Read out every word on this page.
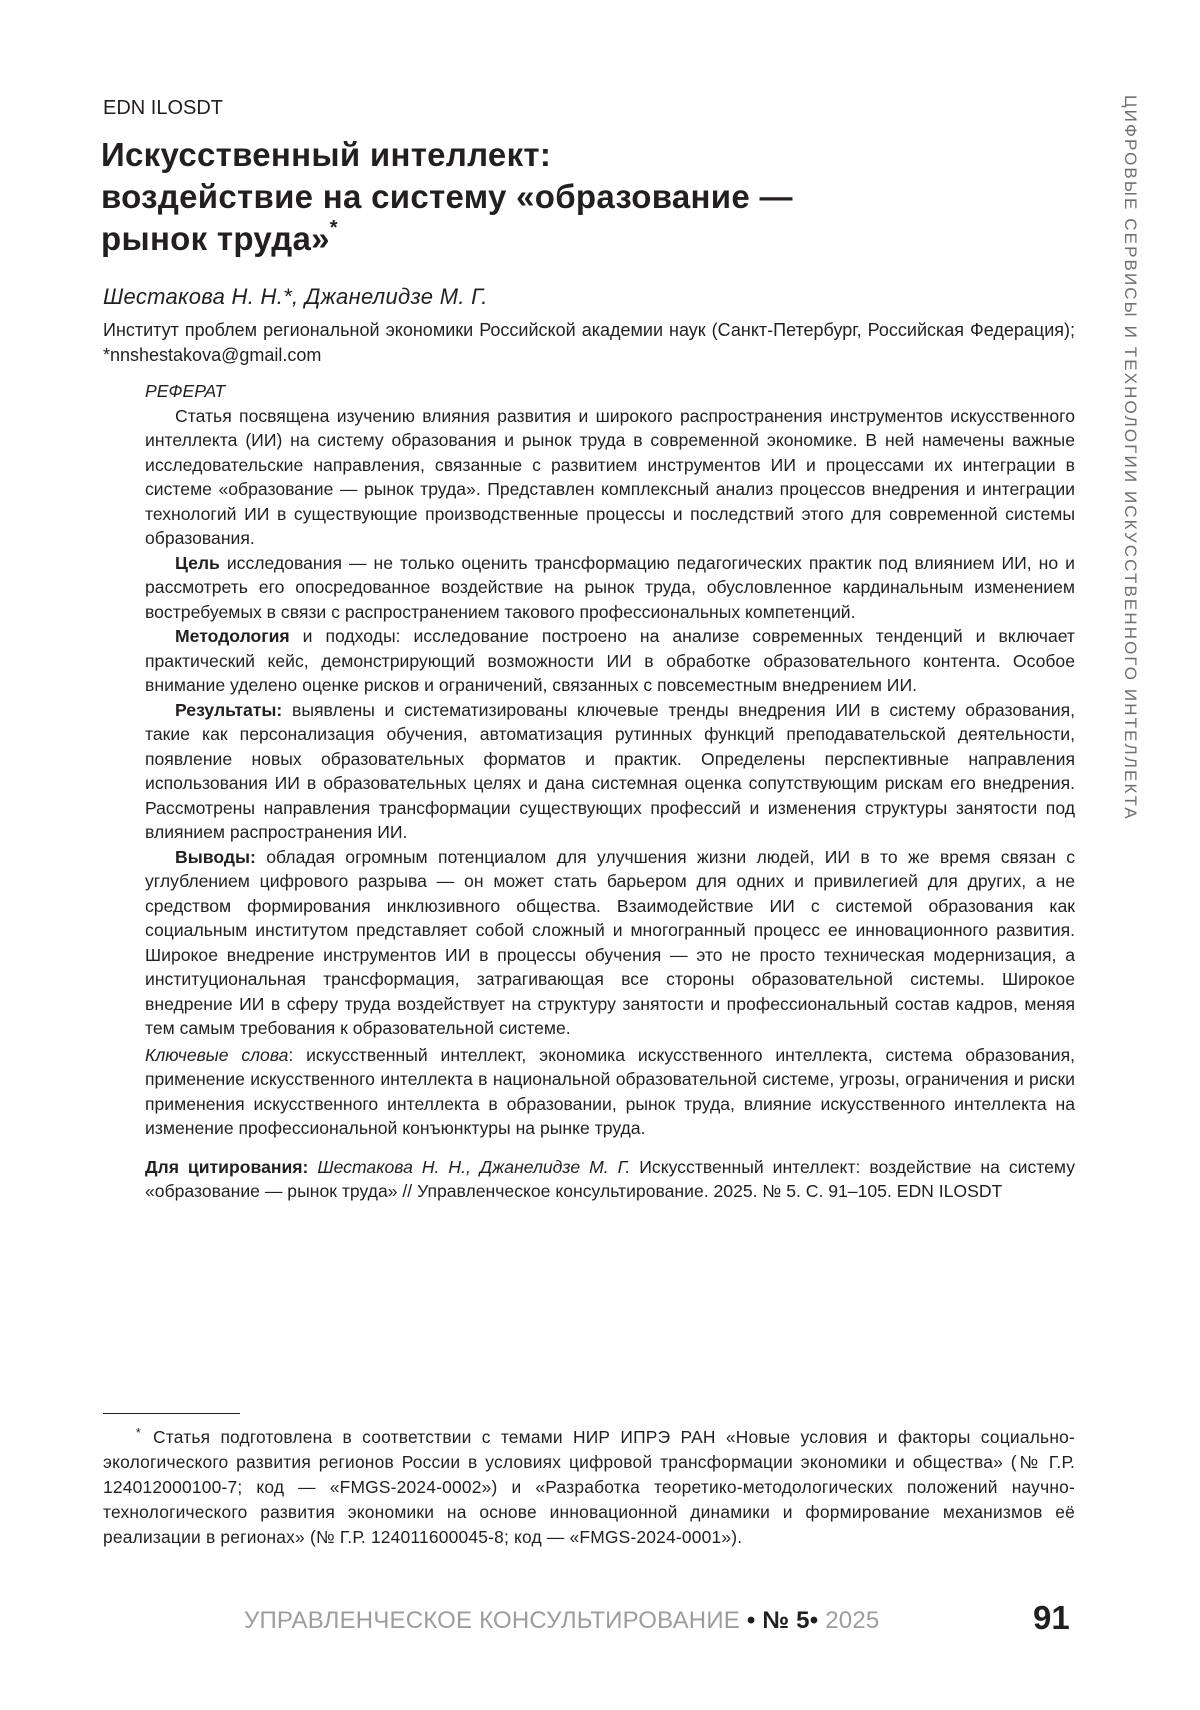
EDN ILOSDT
Искусственный интеллект:
воздействие на систему «образование —
рынок труда»*
Шестакова Н. Н.*, Джанелидзе М. Г.
Институт проблем региональной экономики Российской академии наук (Санкт-Петербург, Российская Федерация); *nnshestakova@gmail.com

РЕФЕРАТ

Статья посвящена изучению влияния развития и широкого распространения инструментов искусственного интеллекта (ИИ) на систему образования и рынок труда в современной экономике. В ней намечены важные исследовательские направления, связанные с развитием инструментов ИИ и процессами их интеграции в системе «образование — рынок труда». Представлен комплексный анализ процессов внедрения и интеграции технологий ИИ в существующие производственные процессы и последствий этого для современной системы образования.

Цель исследования — не только оценить трансформацию педагогических практик под влиянием ИИ, но и рассмотреть его опосредованное воздействие на рынок труда, обусловленное кардинальным изменением востребуемых в связи с распространением такового профессиональных компетенций.

Методология и подходы: исследование построено на анализе современных тенденций и включает практический кейс, демонстрирующий возможности ИИ в обработке образовательного контента. Особое внимание уделено оценке рисков и ограничений, связанных с повсеместным внедрением ИИ.

Результаты: выявлены и систематизированы ключевые тренды внедрения ИИ в систему образования, такие как персонализация обучения, автоматизация рутинных функций преподавательской деятельности, появление новых образовательных форматов и практик. Определены перспективные направления использования ИИ в образовательных целях и дана системная оценка сопутствующим рискам его внедрения. Рассмотрены направления трансформации существующих профессий и изменения структуры занятости под влиянием распространения ИИ.

Выводы: обладая огромным потенциалом для улучшения жизни людей, ИИ в то же время связан с углублением цифрового разрыва — он может стать барьером для одних и привилегией для других, а не средством формирования инклюзивного общества. Взаимодействие ИИ с системой образования как социальным институтом представляет собой сложный и многогранный процесс ее инновационного развития. Широкое внедрение инструментов ИИ в процессы обучения — это не просто техническая модернизация, а институциональная трансформация, затрагивающая все стороны образовательной системы. Широкое внедрение ИИ в сферу труда воздействует на структуру занятости и профессиональный состав кадров, меняя тем самым требования к образовательной системе.

Ключевые слова: искусственный интеллект, экономика искусственного интеллекта, система образования, применение искусственного интеллекта в национальной образовательной системе, угрозы, ограничения и риски применения искусственного интеллекта в образовании, рынок труда, влияние искусственного интеллекта на изменение профессиональной конъюнктуры на рынке труда.

Для цитирования: Шестакова Н. Н., Джанелидзе М. Г. Искусственный интеллект: воздействие на систему «образование — рынок труда» // Управленческое консультирование. 2025. № 5. С. 91–105. EDN ILOSDT

* Статья подготовлена в соответствии с темами НИР ИПРЭ РАН «Новые условия и факторы социально-экологического развития регионов России в условиях цифровой трансформации экономики и общества» (№ Г.Р. 124012000100-7; код — «FMGS-2024-0002») и «Разработка теоретико-методологических положений научно-технологического развития экономики на основе инновационной динамики и формирование механизмов её реализации в регионах» (№ Г.Р. 124011600045-8; код — «FMGS-2024-0001»).
УПРАВЛЕНЧЕСКОЕ КОНСУЛЬТИРОВАНИЕ • № 5• 2025	91
ЦИФРОВЫЕ СЕРВИСЫ И ТЕХНОЛОГИИ ИСКУССТВЕННОГО ИНТЕЛЛЕКТА
